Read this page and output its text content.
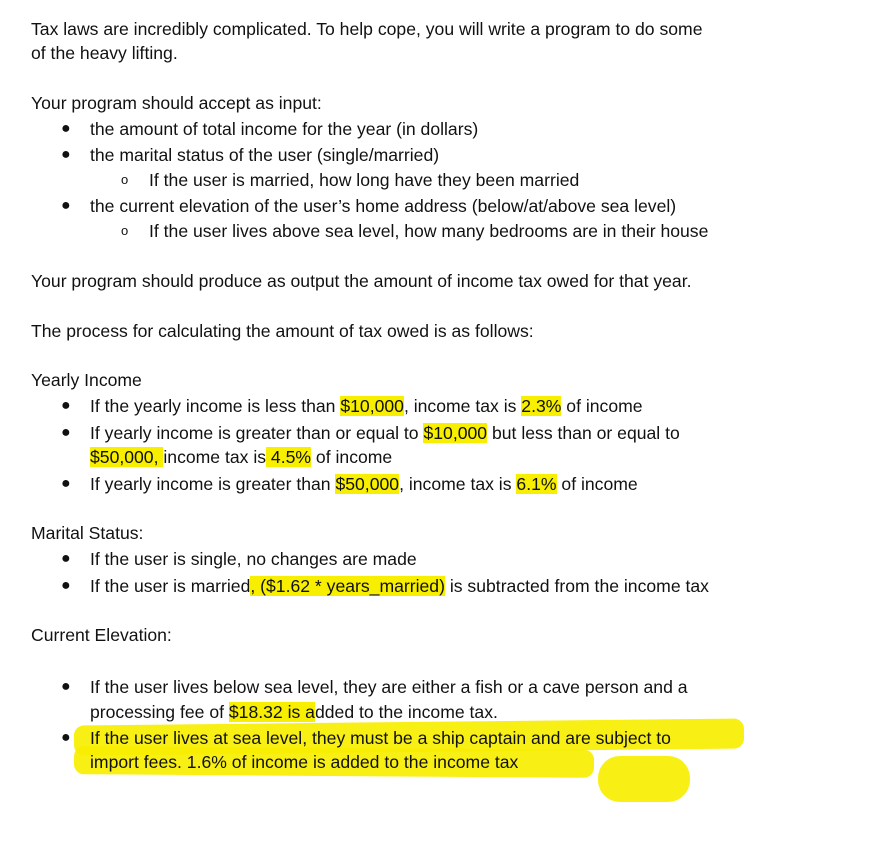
Tax laws are incredibly complicated. To help cope, you will write a program to do some
of the heavy lifting.
Your program should accept as input:
● the amount of total income for the year (in dollars)
● the marital status of the user (single/married)
o If the user is married, how long have they been married
● the current elevation of the user’s home address (below/at/above sea level)
o If the user lives above sea level, how many bedrooms are in their house
Your program should produce as output the amount of income tax owed for that year.
The process for calculating the amount of tax owed is as follows:
Yearly Income
● If the yearly income is less than $10,000, income tax is 2.3% of income
● If yearly income is greater than or equal to $10,000 but less than or equal to
$50,000, income tax is 4.5% of income
● If yearly income is greater than $50,000, income tax is 6.1% of income
Marital Status:
● If the user is single, no changes are made
● If the user is married, ($1.62 * years_married) is subtracted from the income tax
Current Elevation:
● If the user lives below sea level, they are either a fish or a cave person and a
processing fee of $18.32 is added to the income tax.
● If the user lives at sea level, they must be a ship captain and are subject to
import fees. 1.6% of income is added to the income tax
